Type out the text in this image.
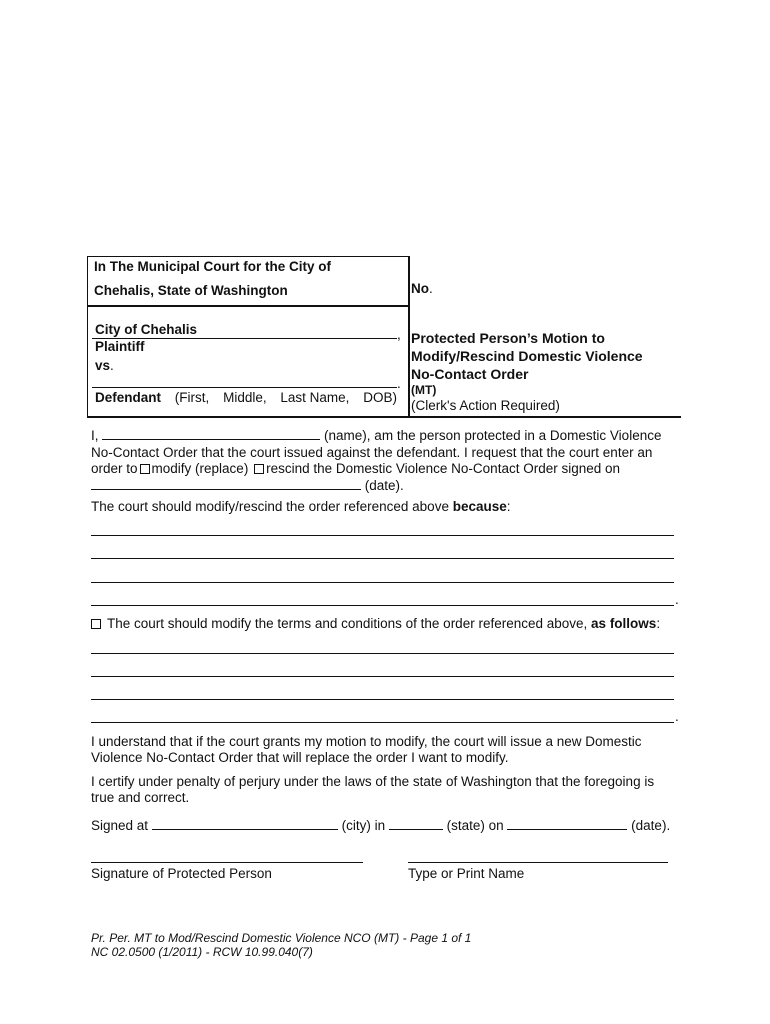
In The Municipal Court for the City of
Chehalis, State of Washington	No.
City of Chehalis	,
Plaintiff
vs.
.
Defendant (First, Middle, Last Name, DOB)
Protected Person’s Motion to
Modify/Rescind Domestic Violence
No-Contact Order
(MT)
(Clerk's Action Required)
I,	(name), am the person protected in a Domestic Violence
No-Contact Order that the court issued against the defendant. I request that the court enter an
order to modify (replace) rescind the Domestic Violence No-Contact Order signed on
(date).
The court should modify/rescind the order referenced above because:
.
The court should modify the terms and conditions of the order referenced above, as follows:
.
I understand that if the court grants my motion to modify, the court will issue a new Domestic
Violence No-Contact Order that will replace the order I want to modify.
I certify under penalty of perjury under the laws of the state of Washington that the foregoing is
true and correct.
Signed at	(city) in	(state) on	(date).
Signature of Protected Person	Type or Print Name
Pr. Per. MT to Mod/Rescind Domestic Violence NCO (MT) - Page 1 of 1
NC 02.0500 (1/2011) - RCW 10.99.040(7)
